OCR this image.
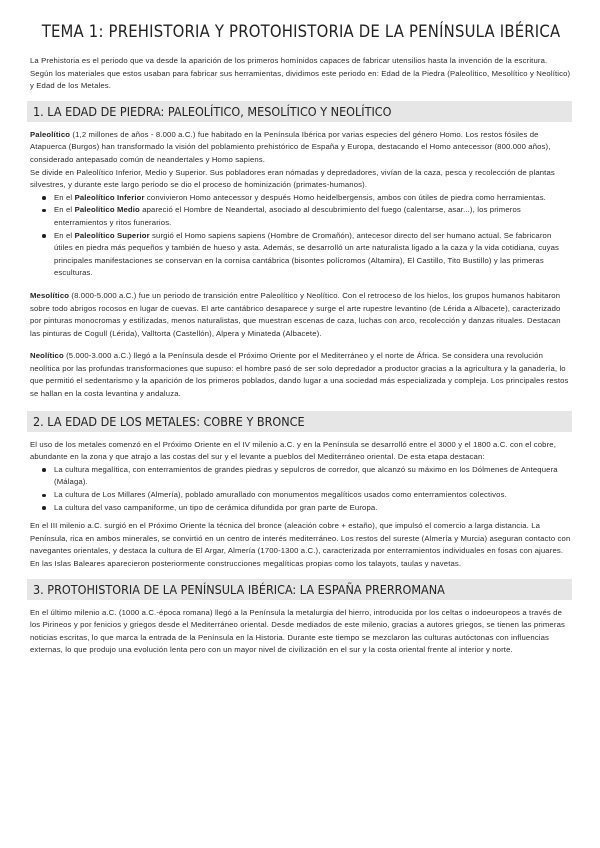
TEMA 1: PREHISTORIA Y PROTOHISTORIA DE LA PENÍNSULA IBÉRICA

La Prehistoria es el periodo que va desde la aparición de los primeros homínidos capaces de fabricar utensilios hasta la invención de la escritura. Según los materiales que estos usaban para fabricar sus herramientas, dividimos este periodo en: Edad de la Piedra (Paleolítico, Mesolítico y Neolítico) y Edad de los Metales.

1. LA EDAD DE PIEDRA: PALEOLÍTICO, MESOLÍTICO Y NEOLÍTICO

Paleolítico (1,2 millones de años - 8.000 a.C.) fue habitado en la Península Ibérica por varias especies del género Homo. Los restos fósiles de Atapuerca (Burgos) han transformado la visión del poblamiento prehistórico de España y Europa, destacando el Homo antecessor (800.000 años), considerado antepasado común de neandertales y Homo sapiens.

Se divide en Paleolítico Inferior, Medio y Superior. Sus pobladores eran nómadas y depredadores, vivían de la caza, pesca y recolección de plantas silvestres, y durante este largo periodo se dio el proceso de hominización (primates-humanos).

En el Paleolítico Inferior convivieron Homo antecessor y después Homo heidelbergensis, ambos con útiles de piedra como herramientas.
En el Paleolítico Medio apareció el Hombre de Neandertal, asociado al descubrimiento del fuego (calentarse, asar...), los primeros enterramientos y ritos funerarios.
En el Paleolítico Superior surgió el Homo sapiens sapiens (Hombre de Cromañón), antecesor directo del ser humano actual. Se fabricaron útiles en piedra más pequeños y también de hueso y asta. Además, se desarrolló un arte naturalista ligado a la caza y la vida cotidiana, cuyas principales manifestaciones se conservan en la cornisa cantábrica (bisontes polícromos (Altamira), El Castillo, Tito Bustillo) y las primeras esculturas.

Mesolítico (8.000-5.000 a.C.) fue un periodo de transición entre Paleolítico y Neolítico. Con el retroceso de los hielos, los grupos humanos habitaron sobre todo abrigos rocosos en lugar de cuevas. El arte cantábrico desaparece y surge el arte rupestre levantino (de Lérida a Albacete), caracterizado por pinturas monocromas y estilizadas, menos naturalistas, que muestran escenas de caza, luchas con arco, recolección y danzas rituales. Destacan las pinturas de Cogull (Lérida), Valltorta (Castellón), Alpera y Minateda (Albacete).

Neolítico (5.000-3.000 a.C.) llegó a la Península desde el Próximo Oriente por el Mediterráneo y el norte de África. Se considera una revolución neolítica por las profundas transformaciones que supuso: el hombre pasó de ser solo depredador a productor gracias a la agricultura y la ganadería, lo que permitió el sedentarismo y la aparición de los primeros poblados, dando lugar a una sociedad más especializada y compleja. Los principales restos se hallan en la costa levantina y andaluza.

2. LA EDAD DE LOS METALES: COBRE Y BRONCE

El uso de los metales comenzó en el Próximo Oriente en el IV milenio a.C. y en la Península se desarrolló entre el 3000 y el 1800 a.C. con el cobre, abundante en la zona y que atrajo a las costas del sur y el levante a pueblos del Mediterráneo oriental. De esta etapa destacan:

La cultura megalítica, con enterramientos de grandes piedras y sepulcros de corredor, que alcanzó su máximo en los Dólmenes de Antequera (Málaga).
La cultura de Los Millares (Almería), poblado amurallado con monumentos megalíticos usados como enterramientos colectivos.
La cultura del vaso campaniforme, un tipo de cerámica difundida por gran parte de Europa.

En el III milenio a.C. surgió en el Próximo Oriente la técnica del bronce (aleación cobre + estaño), que impulsó el comercio a larga distancia. La Península, rica en ambos minerales, se convirtió en un centro de interés mediterráneo. Los restos del sureste (Almería y Murcia) aseguran contacto con navegantes orientales, y destaca la cultura de El Argar, Almería (1700-1300 a.C.), caracterizada por enterramientos individuales en fosas con ajuares. En las Islas Baleares aparecieron posteriormente construcciones megalíticas propias como los talayots, taulas y navetas.

3. PROTOHISTORIA DE LA PENÍNSULA IBÉRICA: LA ESPAÑA PRERROMANA

En el último milenio a.C. (1000 a.C.-época romana) llegó a la Península la metalurgia del hierro, introducida por los celtas o indoeuropeos a través de los Pirineos y por fenicios y griegos desde el Mediterráneo oriental. Desde mediados de este milenio, gracias a autores griegos, se tienen las primeras noticias escritas, lo que marca la entrada de la Península en la Historia. Durante este tiempo se mezclaron las culturas autóctonas con influencias externas, lo que produjo una evolución lenta pero con un mayor nivel de civilización en el sur y la costa oriental frente al interior y norte.
